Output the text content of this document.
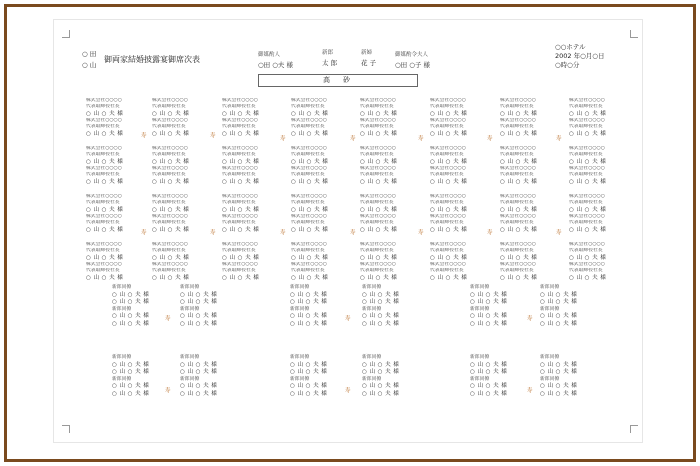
○ 田
○ 山
御両家結婚披露宴御席次表	御媒酌人
○田 ○夫 様
新郎
太 郎
新婦
花 子
御媒酌令夫人
○田 ○子 様
○○ホテル
2002 年○月○日
○時○分
高　砂
株式会社○○○○
代表取締役社長
○ 山 ○ 夫 様
株式会社○○○○
代表取締役社長
○ 山 ○ 夫 様
株式会社○○○○
代表取締役社長
○ 山 ○ 夫 様
株式会社○○○○
代表取締役社長
○ 山 ○ 夫 様
株式会社○○○○
代表取締役社長
○ 山 ○ 夫 様
株式会社○○○○
代表取締役社長
○ 山 ○ 夫 様
株式会社○○○○
代表取締役社長
○ 山 ○ 夫 様
株式会社○○○○
代表取締役社長
○ 山 ○ 夫 様
株式会社○○○○
代表取締役社長
○ 山 ○ 夫 様
株式会社○○○○
代表取締役社長
○ 山 ○ 夫 様
株式会社○○○○
代表取締役社長
○ 山 ○ 夫 様
株式会社○○○○
代表取締役社長
○ 山 ○ 夫 様
株式会社○○○○
代表取締役社長
○ 山 ○ 夫 様
株式会社○○○○
代表取締役社長
○ 山 ○ 夫 様
株式会社○○○○
代表取締役社長
○ 山 ○ 夫 様
株式会社○○○○
代表取締役社長
○ 山 ○ 夫 様
株式会社○○○○
代表取締役社長
○ 山 ○ 夫 様
株式会社○○○○
代表取締役社長
○ 山 ○ 夫 様
株式会社○○○○
代表取締役社長
○ 山 ○ 夫 様
株式会社○○○○
代表取締役社長
○ 山 ○ 夫 様
株式会社○○○○
代表取締役社長
○ 山 ○ 夫 様
株式会社○○○○
代表取締役社長
○ 山 ○ 夫 様
株式会社○○○○
代表取締役社長
○ 山 ○ 夫 様
株式会社○○○○
代表取締役社長
○ 山 ○ 夫 様
株式会社○○○○
代表取締役社長
○ 山 ○ 夫 様
株式会社○○○○
代表取締役社長
○ 山 ○ 夫 様
株式会社○○○○
代表取締役社長
○ 山 ○ 夫 様
株式会社○○○○
代表取締役社長
○ 山 ○ 夫 様
株式会社○○○○
代表取締役社長
○ 山 ○ 夫 様
株式会社○○○○
代表取締役社長
○ 山 ○ 夫 様
株式会社○○○○
代表取締役社長
○ 山 ○ 夫 様
株式会社○○○○
代表取締役社長
○ 山 ○ 夫 様
株式会社○○○○
代表取締役社長
○ 山 ○ 夫 様
株式会社○○○○
代表取締役社長
○ 山 ○ 夫 様
株式会社○○○○
代表取締役社長
○ 山 ○ 夫 様
株式会社○○○○
代表取締役社長
○ 山 ○ 夫 様
株式会社○○○○
代表取締役社長
○ 山 ○ 夫 様
株式会社○○○○
代表取締役社長
○ 山 ○ 夫 様
株式会社○○○○
代表取締役社長
○ 山 ○ 夫 様
株式会社○○○○
代表取締役社長
○ 山 ○ 夫 様
株式会社○○○○
代表取締役社長
○ 山 ○ 夫 様
株式会社○○○○
代表取締役社長
○ 山 ○ 夫 様
株式会社○○○○
代表取締役社長
○ 山 ○ 夫 様
株式会社○○○○
代表取締役社長
○ 山 ○ 夫 様
株式会社○○○○
代表取締役社長
○ 山 ○ 夫 様
株式会社○○○○
代表取締役社長
○ 山 ○ 夫 様
株式会社○○○○
代表取締役社長
○ 山 ○ 夫 様
株式会社○○○○
代表取締役社長
○ 山 ○ 夫 様
株式会社○○○○
代表取締役社長
○ 山 ○ 夫 様
株式会社○○○○
代表取締役社長
○ 山 ○ 夫 様
株式会社○○○○
代表取締役社長
○ 山 ○ 夫 様
株式会社○○○○
代表取締役社長
○ 山 ○ 夫 様
株式会社○○○○
代表取締役社長
○ 山 ○ 夫 様
株式会社○○○○
代表取締役社長
○ 山 ○ 夫 様
株式会社○○○○
代表取締役社長
○ 山 ○ 夫 様
株式会社○○○○
代表取締役社長
○ 山 ○ 夫 様
株式会社○○○○
代表取締役社長
○ 山 ○ 夫 様
株式会社○○○○
代表取締役社長
○ 山 ○ 夫 様
株式会社○○○○
代表取締役社長
○ 山 ○ 夫 様
株式会社○○○○
代表取締役社長
○ 山 ○ 夫 様
株式会社○○○○
代表取締役社長
○ 山 ○ 夫 様
株式会社○○○○
代表取締役社長
○ 山 ○ 夫 様
株式会社○○○○
代表取締役社長
○ 山 ○ 夫 様
株式会社○○○○
代表取締役社長
○ 山 ○ 夫 様
寿	寿	寿	寿	寿	寿	寿
寿	寿	寿	寿	寿	寿	寿
新郎同僚
○ 山 ○ 夫 様
○ 山 ○ 夫 様
新郎同僚
○ 山 ○ 夫 様
○ 山 ○ 夫 様
新郎同僚
○ 山 ○ 夫 様
○ 山 ○ 夫 様
新郎同僚
○ 山 ○ 夫 様
○ 山 ○ 夫 様
新郎同僚
○ 山 ○ 夫 様
○ 山 ○ 夫 様
新郎同僚
○ 山 ○ 夫 様
○ 山 ○ 夫 様
新郎同僚
○ 山 ○ 夫 様
○ 山 ○ 夫 様
新郎同僚
○ 山 ○ 夫 様
○ 山 ○ 夫 様
新郎同僚
○ 山 ○ 夫 様
○ 山 ○ 夫 様
新郎同僚
○ 山 ○ 夫 様
○ 山 ○ 夫 様
新郎同僚
○ 山 ○ 夫 様
○ 山 ○ 夫 様
新郎同僚
○ 山 ○ 夫 様
○ 山 ○ 夫 様
新郎同僚
○ 山 ○ 夫 様
○ 山 ○ 夫 様
新郎同僚
○ 山 ○ 夫 様
○ 山 ○ 夫 様
新郎同僚
○ 山 ○ 夫 様
○ 山 ○ 夫 様
新郎同僚
○ 山 ○ 夫 様
○ 山 ○ 夫 様
新郎同僚
○ 山 ○ 夫 様
○ 山 ○ 夫 様
新郎同僚
○ 山 ○ 夫 様
○ 山 ○ 夫 様
新郎同僚
○ 山 ○ 夫 様
○ 山 ○ 夫 様
新郎同僚
○ 山 ○ 夫 様
○ 山 ○ 夫 様
新郎同僚
○ 山 ○ 夫 様
○ 山 ○ 夫 様
新郎同僚
○ 山 ○ 夫 様
○ 山 ○ 夫 様
新郎同僚
○ 山 ○ 夫 様
○ 山 ○ 夫 様
新郎同僚
○ 山 ○ 夫 様
○ 山 ○ 夫 様
寿	寿	寿
寿	寿	寿
